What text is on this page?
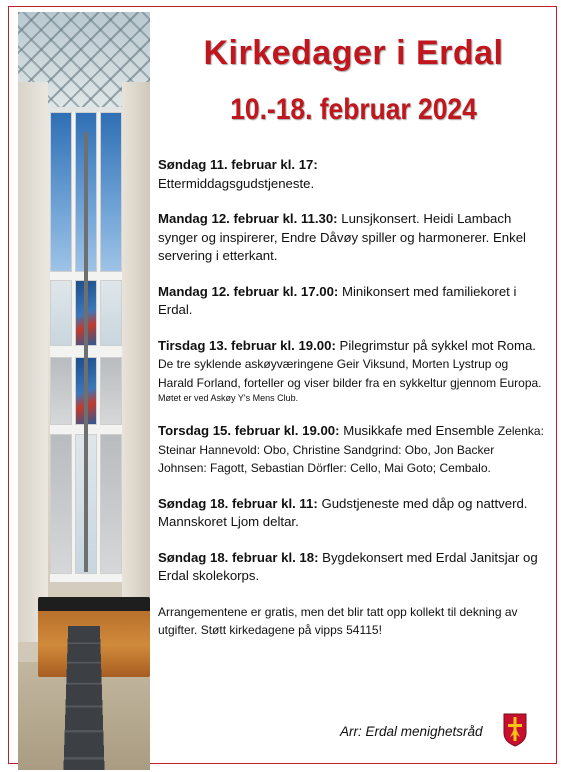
Kirkedager i Erdal
10.-18. februar 2024
Søndag 11. februar kl. 17:
Ettermiddagsgudstjeneste.
Mandag 12. februar kl. 11.30: Lunsjkonsert. Heidi Lambach synger og inspirerer, Endre Dåvøy spiller og harmonerer. Enkel servering i etterkant.
Mandag 12. februar kl. 17.00: Minikonsert med familiekoret i Erdal.
Tirsdag 13. februar kl. 19.00: Pilegrimstur på sykkel mot Roma. De tre syklende askøyværingene Geir Viksund, Morten Lystrup og Harald Forland, forteller og viser bilder fra en sykkeltur gjennom Europa.
Møtet er ved Askøy Y's Mens Club.
Torsdag 15. februar kl. 19.00: Musikkafe med Ensemble Zelenka: Steinar Hannevold: Obo, Christine Sandgrind: Obo, Jon Backer Johnsen: Fagott, Sebastian Dörfler: Cello, Mai Goto; Cembalo.
Søndag 18. februar kl. 11: Gudstjeneste med dåp og nattverd. Mannskoret Ljom deltar.
Søndag 18. februar kl. 18: Bygdekonsert med Erdal Janitsjar og Erdal skolekorps.
Arrangementene er gratis, men det blir tatt opp kollekt til dekning av utgifter. Støtt kirkedagene på vipps 54115!
Arr: Erdal menighetsråd
